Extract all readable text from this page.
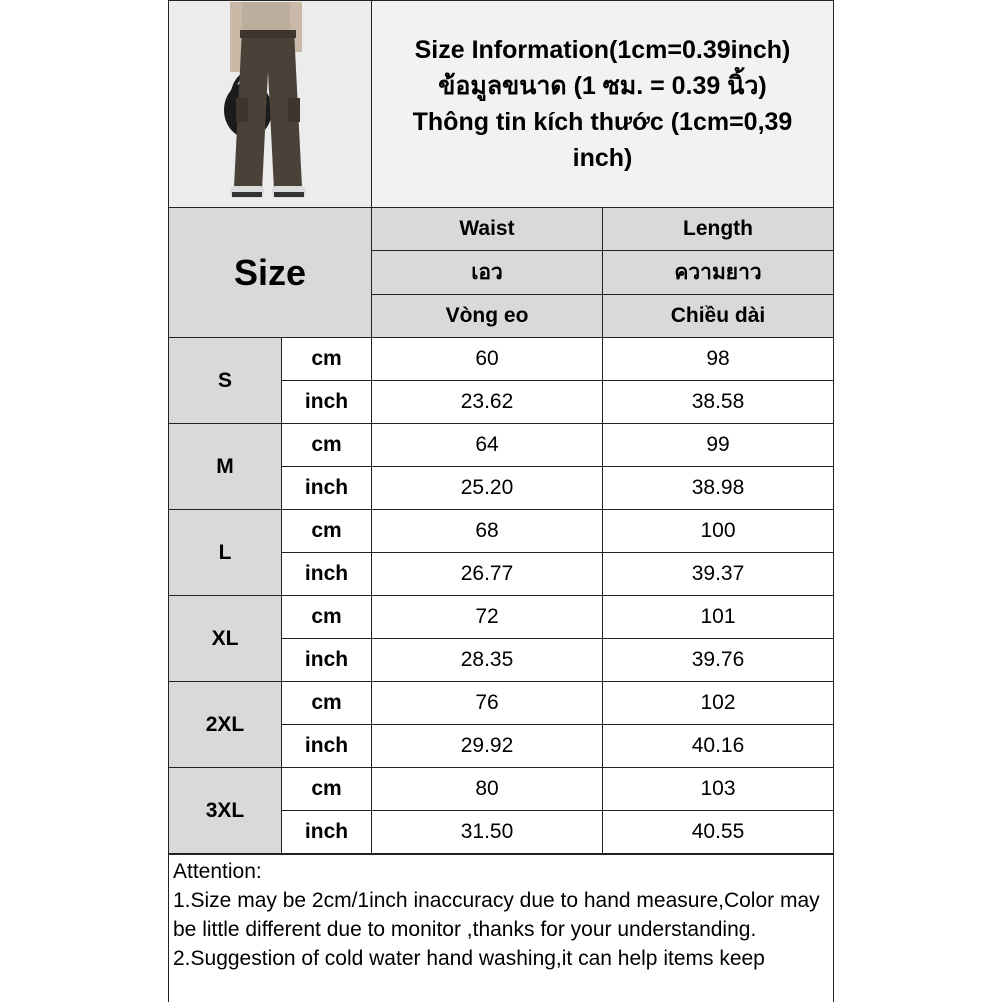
Size Information(1cm=0.39inch)
ข้อมูลขนาด (1 ซม. = 0.39 นิ้ว)
Thông tin kích thước (1cm=0,39
inch)
Size
Waist
เอว
Vòng eo
Length
ความยาว
Chiều dài
S
cm	60	98
inch	23.62	38.58
M
cm	64	99
inch	25.20	38.98
L
cm	68	100
inch	26.77	39.37
XL
cm	72	101
inch	28.35	39.76
2XL
cm	76	102
inch	29.92	40.16
3XL
cm	80	103
inch	31.50	40.55
Attention:
1.Size may be 2cm/1inch inaccuracy due to hand measure,Color may be little different due to monitor ,thanks for your understanding.
2.Suggestion of cold water hand washing,it can help items keep
